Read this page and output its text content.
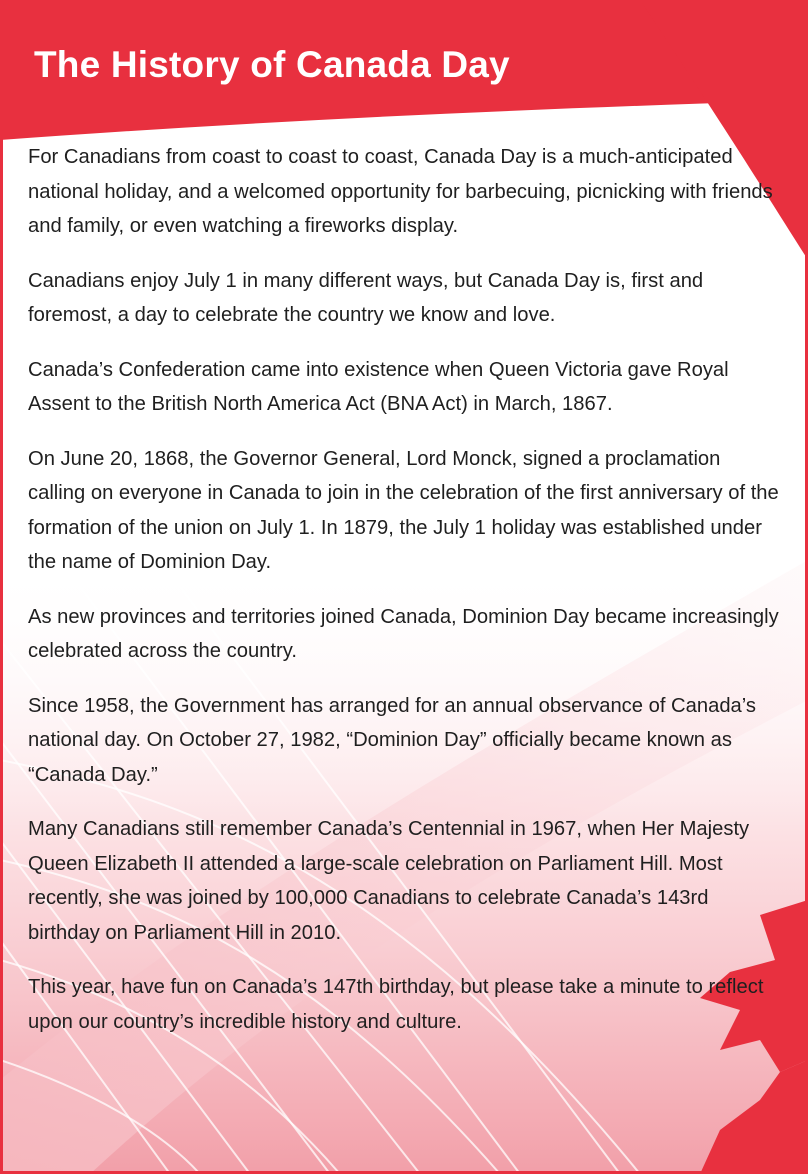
The History of Canada Day

For Canadians from coast to coast to coast, Canada Day is a much-anticipated national holiday, and a welcomed opportunity for barbecuing, picnicking with friends and family, or even watching a fireworks display.

Canadians enjoy July 1 in many different ways, but Canada Day is, first and foremost, a day to celebrate the country we know and love.

Canada’s Confederation came into existence when Queen Victoria gave Royal Assent to the British North America Act (BNA Act) in March, 1867.

On June 20, 1868, the Governor General, Lord Monck, signed a proclamation calling on everyone in Canada to join in the celebration of the first anniversary of the formation of the union on July 1. In 1879, the July 1 holiday was established under the name of Dominion Day.

As new provinces and territories joined Canada, Dominion Day became increasingly celebrated across the country.

Since 1958, the Government has arranged for an annual observance of Canada’s national day. On October 27, 1982, “Dominion Day” officially became known as “Canada Day.”

Many Canadians still remember Canada’s Centennial in 1967, when Her Majesty Queen Elizabeth II attended a large-scale celebration on Parliament Hill. Most recently, she was joined by 100,000 Canadians to celebrate Canada’s 143rd birthday on Parliament Hill in 2010.

This year, have fun on Canada’s 147th birthday, but please take a minute to reflect upon our country’s incredible history and culture.
